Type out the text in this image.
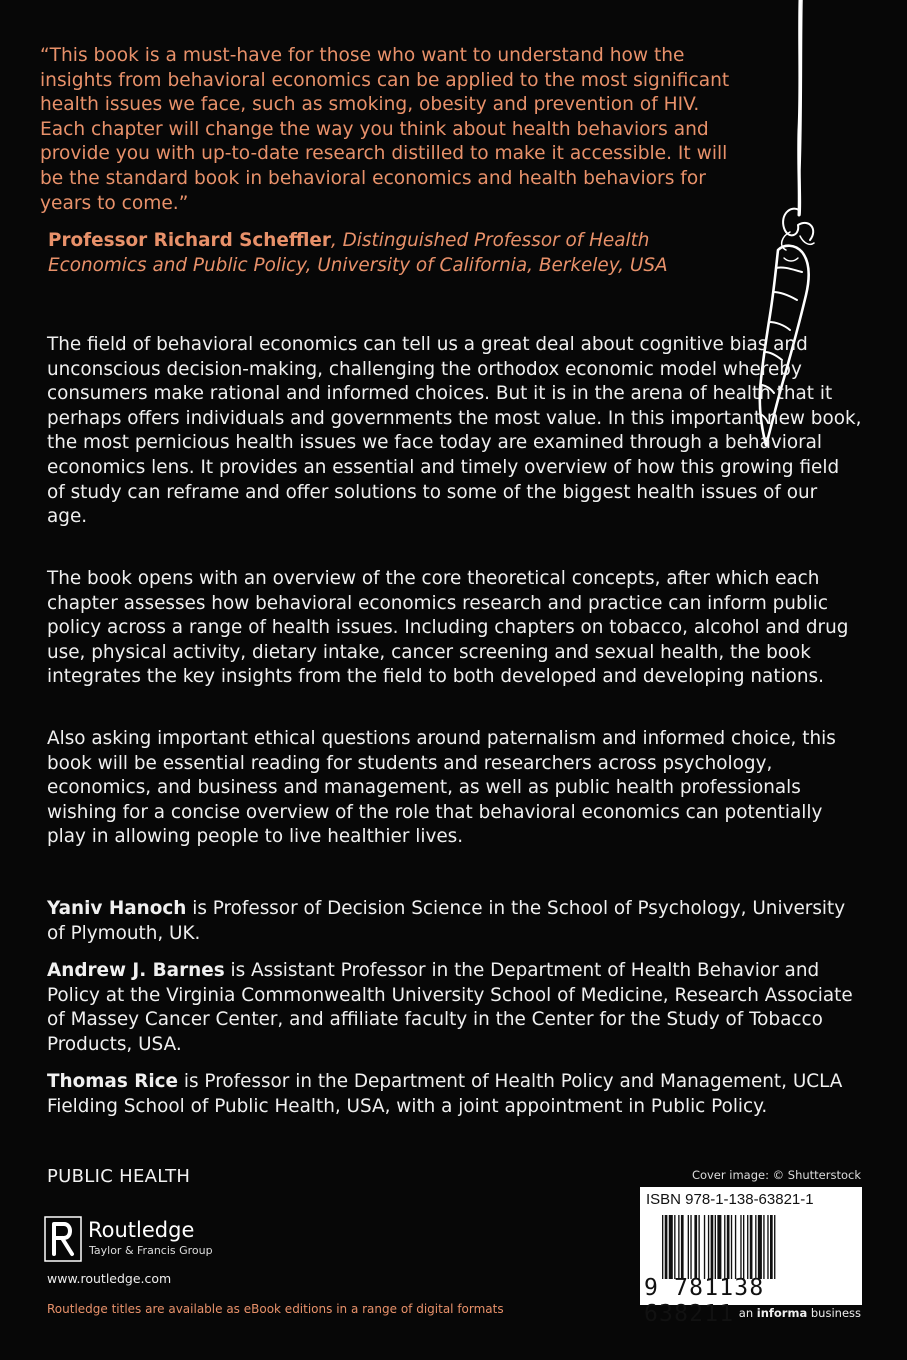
“This book is a must-have for those who want to understand how the insights from behavioral economics can be applied to the most significant health issues we face, such as smoking, obesity and prevention of HIV. Each chapter will change the way you think about health behaviors and provide you with up-to-date research distilled to make it accessible. It will be the standard book in behavioral economics and health behaviors for years to come.”

Professor Richard Scheffler, Distinguished Professor of Health Economics and Public Policy, University of California, Berkeley, USA

The field of behavioral economics can tell us a great deal about cognitive bias and unconscious decision-making, challenging the orthodox economic model whereby consumers make rational and informed choices. But it is in the arena of health that it perhaps offers individuals and governments the most value. In this important new book, the most pernicious health issues we face today are examined through a behavioral economics lens. It provides an essential and timely overview of how this growing field of study can reframe and offer solutions to some of the biggest health issues of our age.

The book opens with an overview of the core theoretical concepts, after which each chapter assesses how behavioral economics research and practice can inform public policy across a range of health issues. Including chapters on tobacco, alcohol and drug use, physical activity, dietary intake, cancer screening and sexual health, the book integrates the key insights from the field to both developed and developing nations.

Also asking important ethical questions around paternalism and informed choice, this book will be essential reading for students and researchers across psychology, economics, and business and management, as well as public health professionals wishing for a concise overview of the role that behavioral economics can potentially play in allowing people to live healthier lives.

Yaniv Hanoch is Professor of Decision Science in the School of Psychology, University of Plymouth, UK.

Andrew J. Barnes is Assistant Professor in the Department of Health Behavior and Policy at the Virginia Commonwealth University School of Medicine, Research Associate of Massey Cancer Center, and affiliate faculty in the Center for the Study of Tobacco Products, USA.

Thomas Rice is Professor in the Department of Health Policy and Management, UCLA Fielding School of Public Health, USA, with a joint appointment in Public Policy.

PUBLIC HEALTH
Routledge
Taylor & Francis Group
www.routledge.com
Routledge titles are available as eBook editions in a range of digital formats
Cover image: © Shutterstock
ISBN 978-1-138-63821-1
9 781138 638211 an informa business
